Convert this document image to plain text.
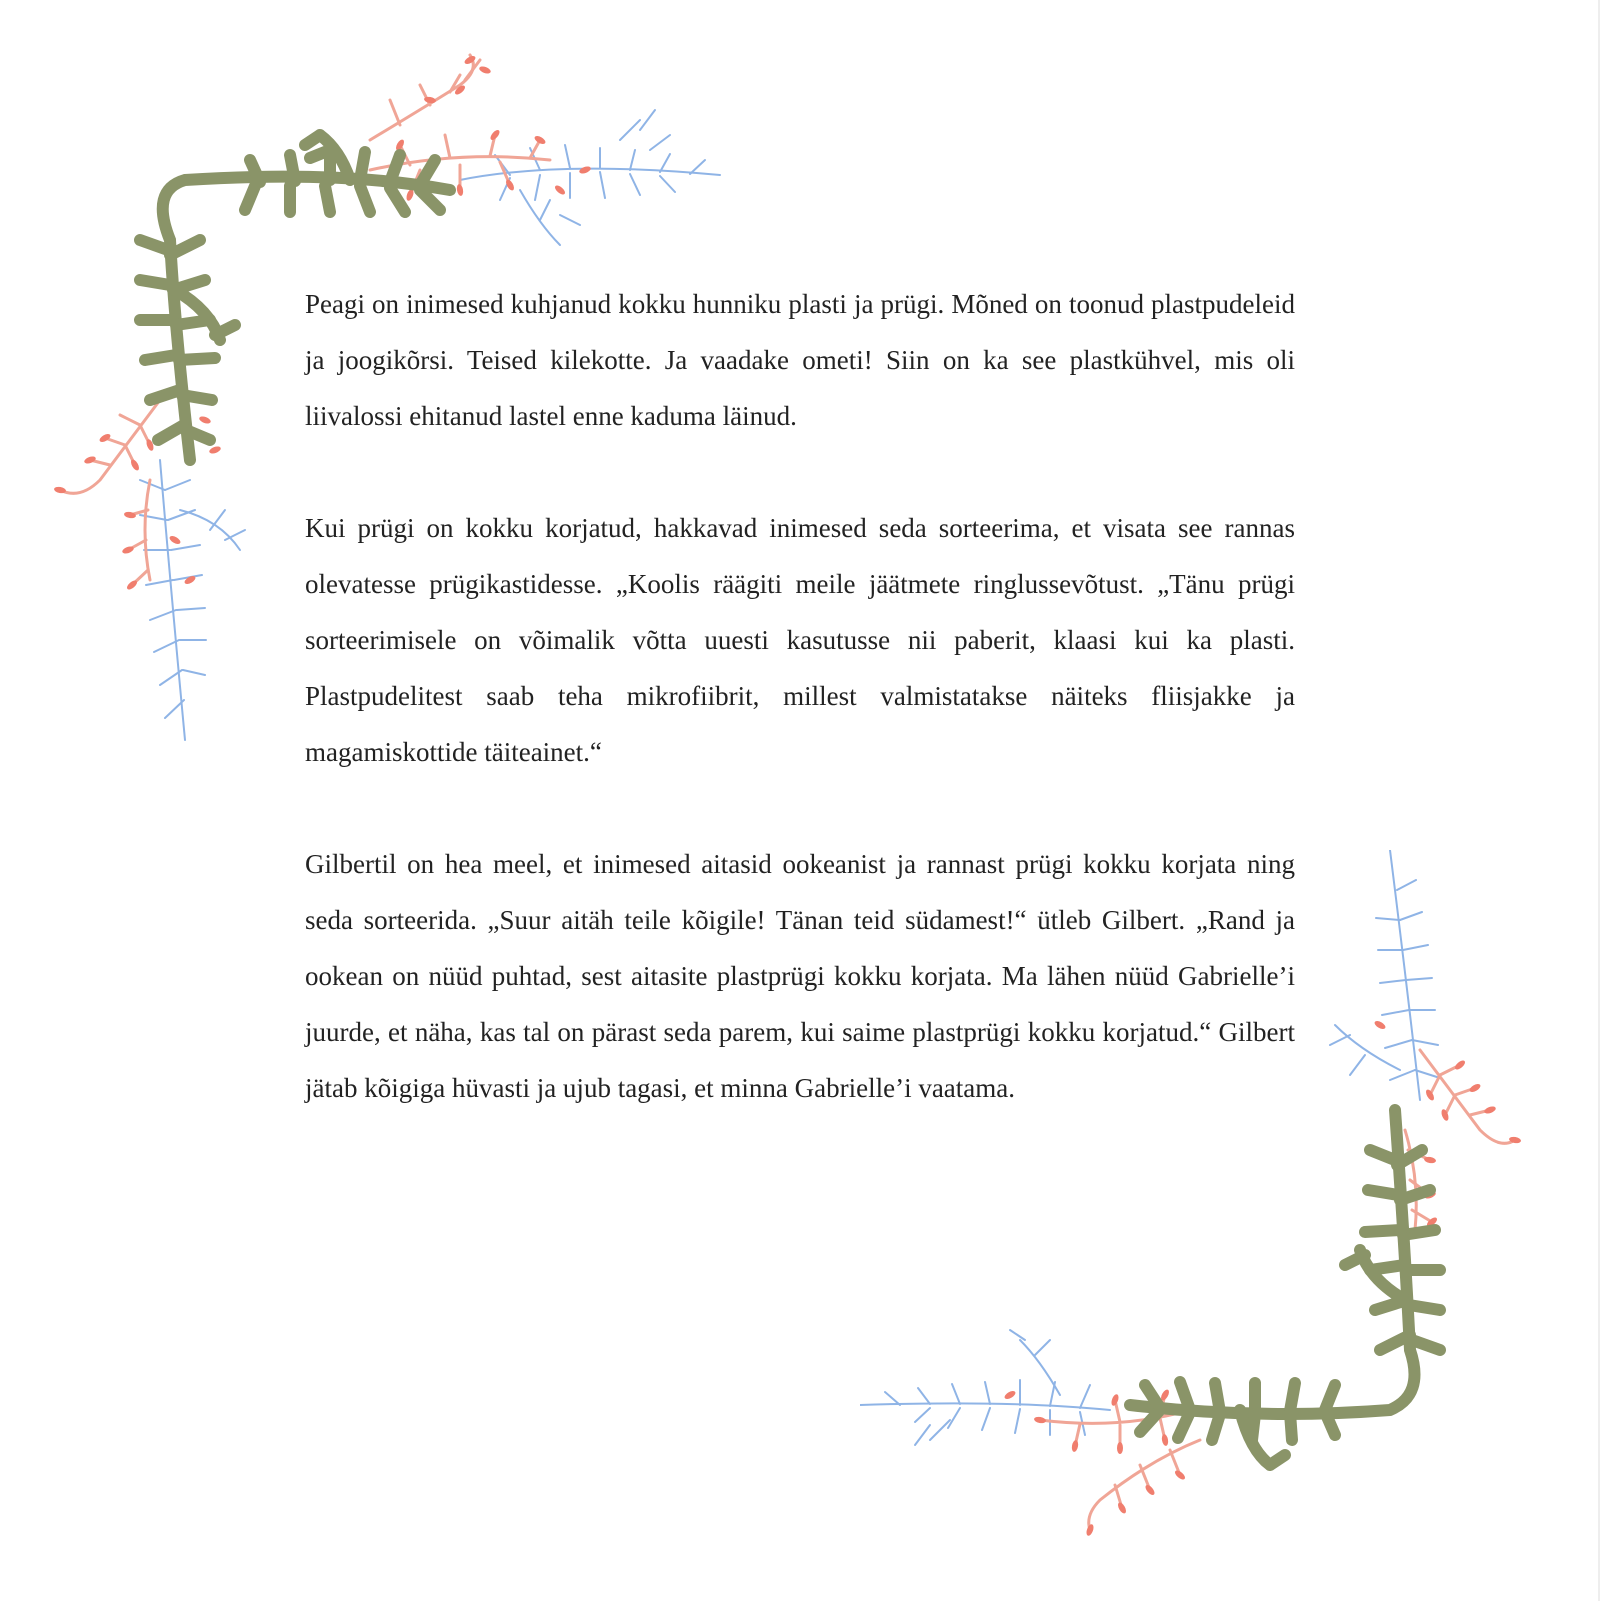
Peagi on inimesed kuhjanud kokku hunniku plasti ja prügi. Mõned on toonud plastpudeleid ja joogikõrsi. Teised kilekotte. Ja vaadake ometi! Siin on ka see plastkühvel, mis oli liivalossi ehitanud lastel enne kaduma läinud.

Kui prügi on kokku korjatud, hakkavad inimesed seda sorteerima, et visata see rannas olevatesse prügikastidesse. „Koolis räägiti meile jäätmete ringlussevõtust. „Tänu prügi sorteerimisele on võimalik võtta uuesti kasutusse nii paberit, klaasi kui ka plasti. Plastpudelitest saab teha mikrofiibrit, millest valmistatakse näiteks fliisjakke ja magamiskottide täiteainet.“

Gilbertil on hea meel, et inimesed aitasid ookeanist ja rannast prügi kokku korjata ning seda sorteerida. „Suur aitäh teile kõigile! Tänan teid südamest!“ ütleb Gilbert. „Rand ja ookean on nüüd puhtad, sest aitasite plastprügi kokku korjata. Ma lähen nüüd Gabrielle’i juurde, et näha, kas tal on pärast seda parem, kui saime plastprügi kokku korjatud.“ Gilbert jätab kõigiga hüvasti ja ujub tagasi, et minna Gabrielle’i vaatama.
